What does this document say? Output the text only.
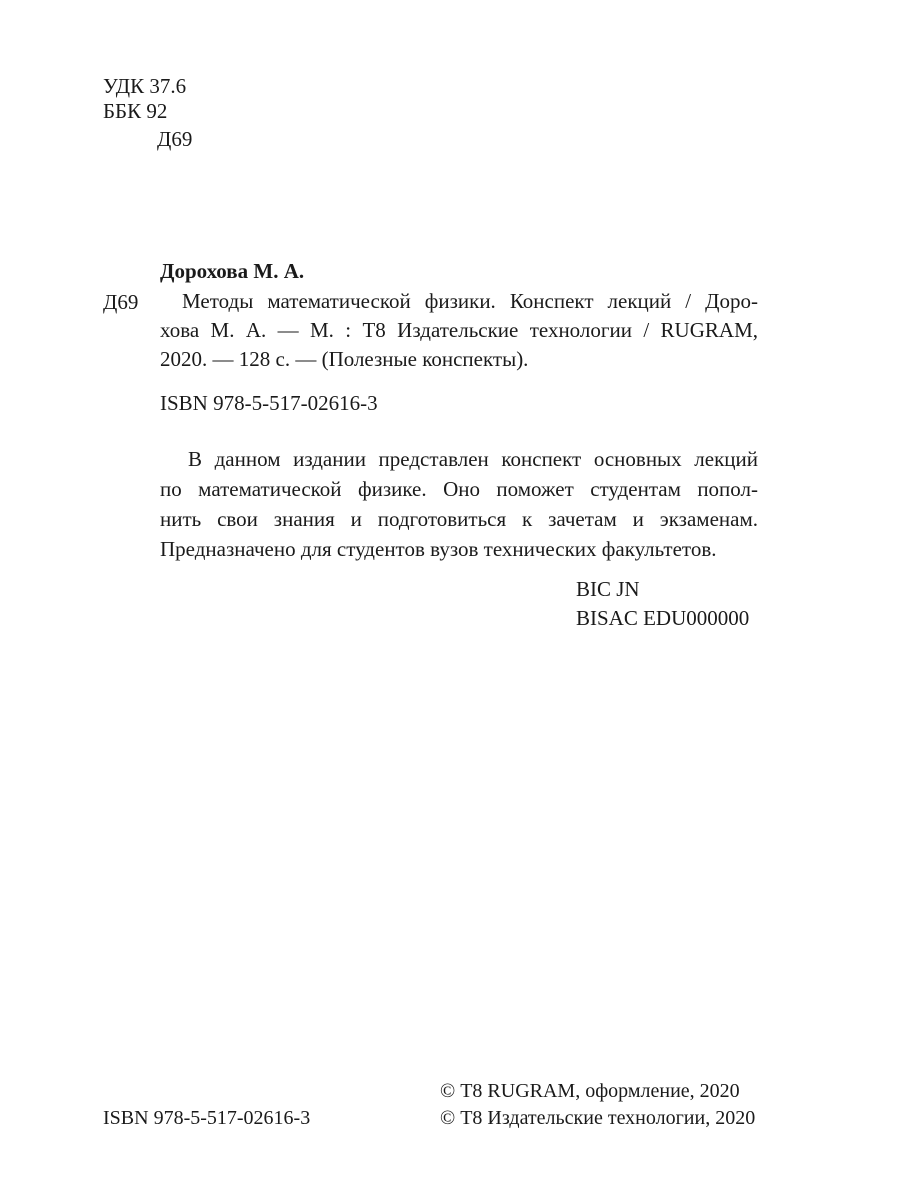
УДК 37.6
ББК 92
Д69
Дорохова М. А.
Д69	Методы математической физики. Конспект лекций / Доро-
хова М. А. — М. : Т8 Издательские технологии / RUGRAM,
2020. — 128 с. — (Полезные конспекты).
ISBN 978-5-517-02616-3
В данном издании представлен конспект основных лекций
по математической физике. Оно поможет студентам попол-
нить свои знания и подготовиться к зачетам и экзаменам.
Предназначено для студентов вузов технических факультетов.
BIC JN
BISAC EDU000000
ISBN 978-5-517-02616-3
© Т8 RUGRAM, оформление, 2020
© Т8 Издательские технологии, 2020
